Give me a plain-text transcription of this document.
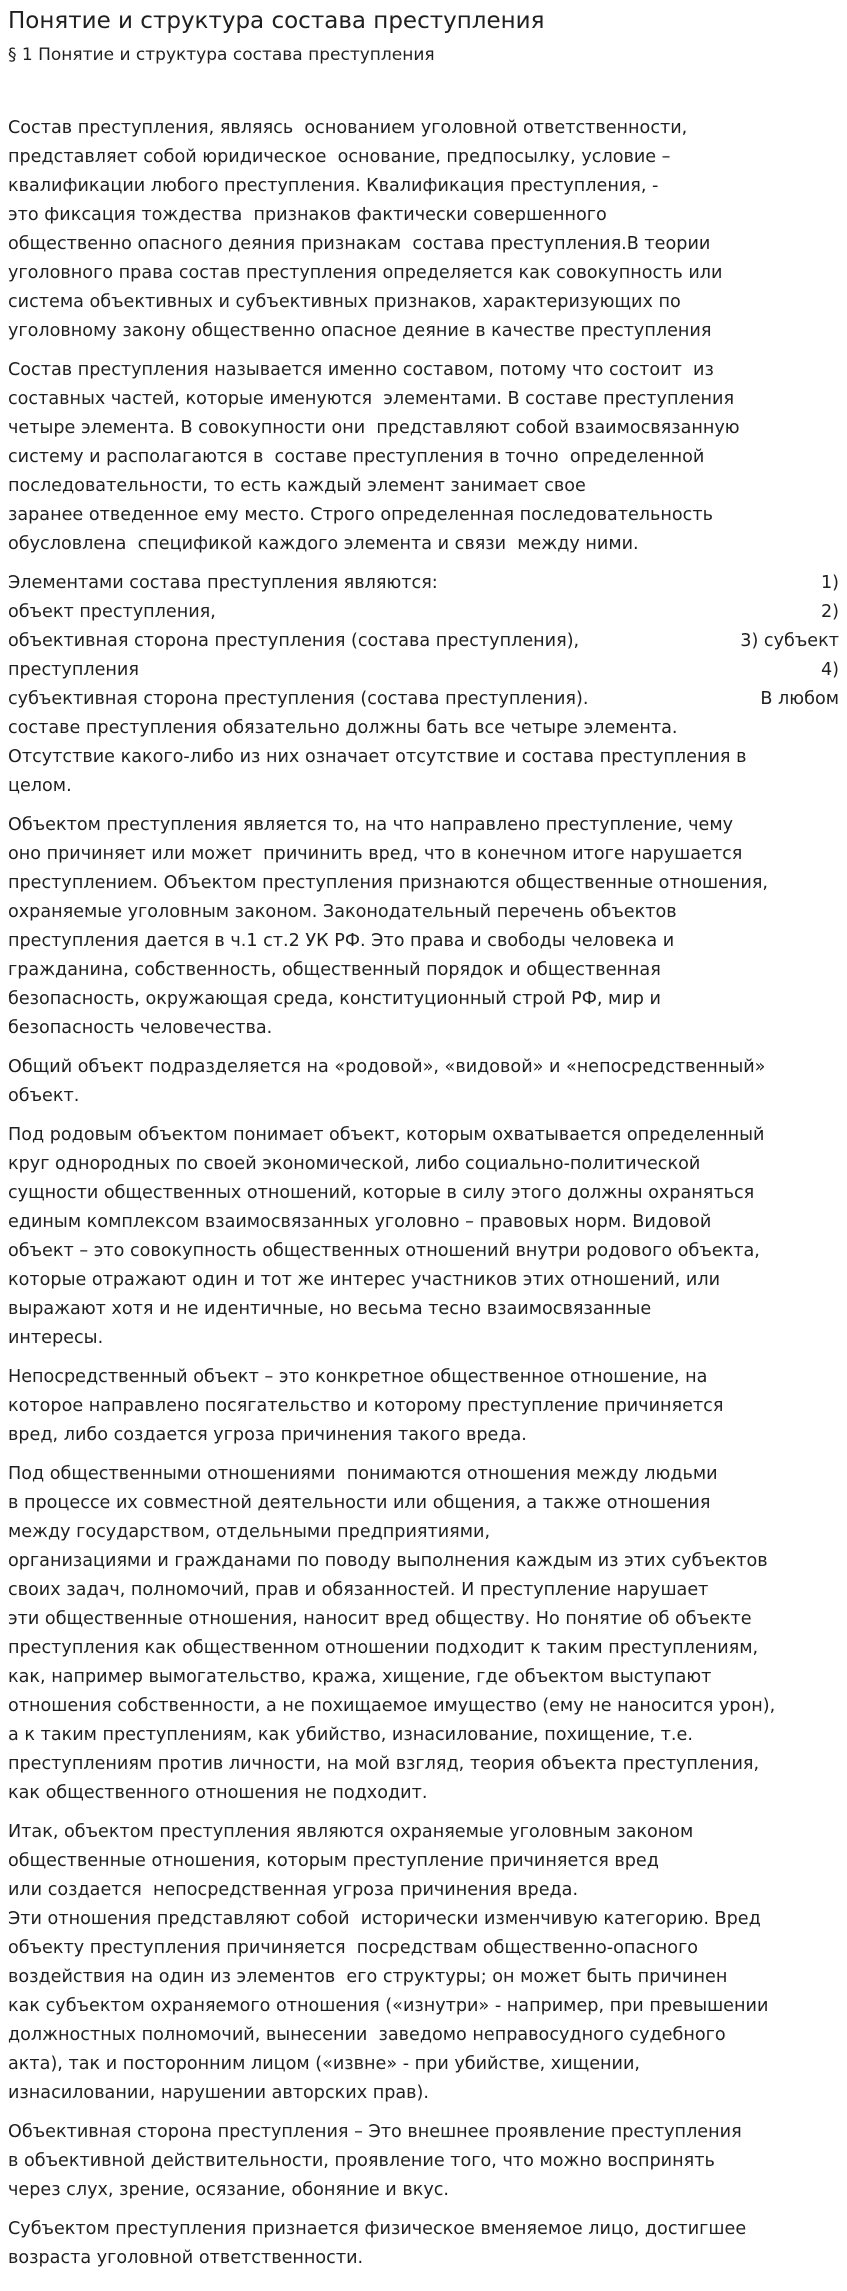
Понятие и структура состава преступления
§ 1 Понятие и структура состава преступления
Состав преступления, являясь  основанием уголовной ответственности,
представляет собой юридическое  основание, предпосылку, условие –
квалификации любого преступления. Квалификация преступления, -
это фиксация тождества  признаков фактически совершенного
общественно опасного деяния признакам  состава преступления.В теории
уголовного права состав преступления определяется как совокупность или
система объективных и субъективных признаков, характеризующих по
уголовному закону общественно опасное деяние в качестве преступления
Состав преступления называется именно составом, потому что состоит  из
составных частей, которые именуются  элементами. В составе преступления
четыре элемента. В совокупности они  представляют собой взаимосвязанную
систему и располагаются в  составе преступления в точно  определенной
последовательности, то есть каждый элемент занимает свое
заранее отведенное ему место. Строго определенная последовательность
обусловлена  спецификой каждого элемента и связи  между ними.
Элементами состава преступления являются:	1)
объект преступления,	2)
объективная сторона преступления (состава преступления),	3) субъект
преступления	4)
субъективная сторона преступления (состава преступления).	В любом
составе преступления обязательно должны бать все четыре элемента.
Отсутствие какого-либо из них означает отсутствие и состава преступления в
целом.
Объектом преступления является то, на что направлено преступление, чему
оно причиняет или может  причинить вред, что в конечном итоге нарушается
преступлением. Объектом преступления признаются общественные отношения,
охраняемые уголовным законом. Законодательный перечень объектов
преступления дается в ч.1 ст.2 УК РФ. Это права и свободы человека и
гражданина, собственность, общественный порядок и общественная
безопасность, окружающая среда, конституционный строй РФ, мир и
безопасность человечества.
Общий объект подразделяется на «родовой», «видовой» и «непосредственный»
объект.
Под родовым объектом понимает объект, которым охватывается определенный
круг однородных по своей экономической, либо социально-политической
сущности общественных отношений, которые в силу этого должны охраняться
единым комплексом взаимосвязанных уголовно – правовых норм. Видовой
объект – это совокупность общественных отношений внутри родового объекта,
которые отражают один и тот же интерес участников этих отношений, или
выражают хотя и не идентичные, но весьма тесно взаимосвязанные
интересы.
Непосредственный объект – это конкретное общественное отношение, на
которое направлено посягательство и которому преступление причиняется
вред, либо создается угроза причинения такого вреда.
Под общественными отношениями  понимаются отношения между людьми
в процессе их совместной деятельности или общения, а также отношения
между государством, отдельными предприятиями,
организациями и гражданами по поводу выполнения каждым из этих субъектов
своих задач, полномочий, прав и обязанностей. И преступление нарушает
эти общественные отношения, наносит вред обществу. Но понятие об объекте
преступления как общественном отношении подходит к таким преступлениям,
как, например вымогательство, кража, хищение, где объектом выступают
отношения собственности, а не похищаемое имущество (ему не наносится урон),
а к таким преступлениям, как убийство, изнасилование, похищение, т.е.
преступлениям против личности, на мой взгляд, теория объекта преступления,
как общественного отношения не подходит.
Итак, объектом преступления являются охраняемые уголовным законом
общественные отношения, которым преступление причиняется вред
или создается  непосредственная угроза причинения вреда.
Эти отношения представляют собой  исторически изменчивую категорию. Вред
объекту преступления причиняется  посредствам общественно-опасного
воздействия на один из элементов  его структуры; он может быть причинен
как субъектом охраняемого отношения («изнутри» - например, при превышении
должностных полномочий, вынесении  заведомо неправосудного судебного
акта), так и посторонним лицом («извне» - при убийстве, хищении,
изнасиловании, нарушении авторских прав).
Объективная сторона преступления – Это внешнее проявление преступления
в объективной действительности, проявление того, что можно воспринять
через слух, зрение, осязание, обоняние и вкус.
Субъектом преступления признается физическое вменяемое лицо, достигшее
возраста уголовной ответственности.
